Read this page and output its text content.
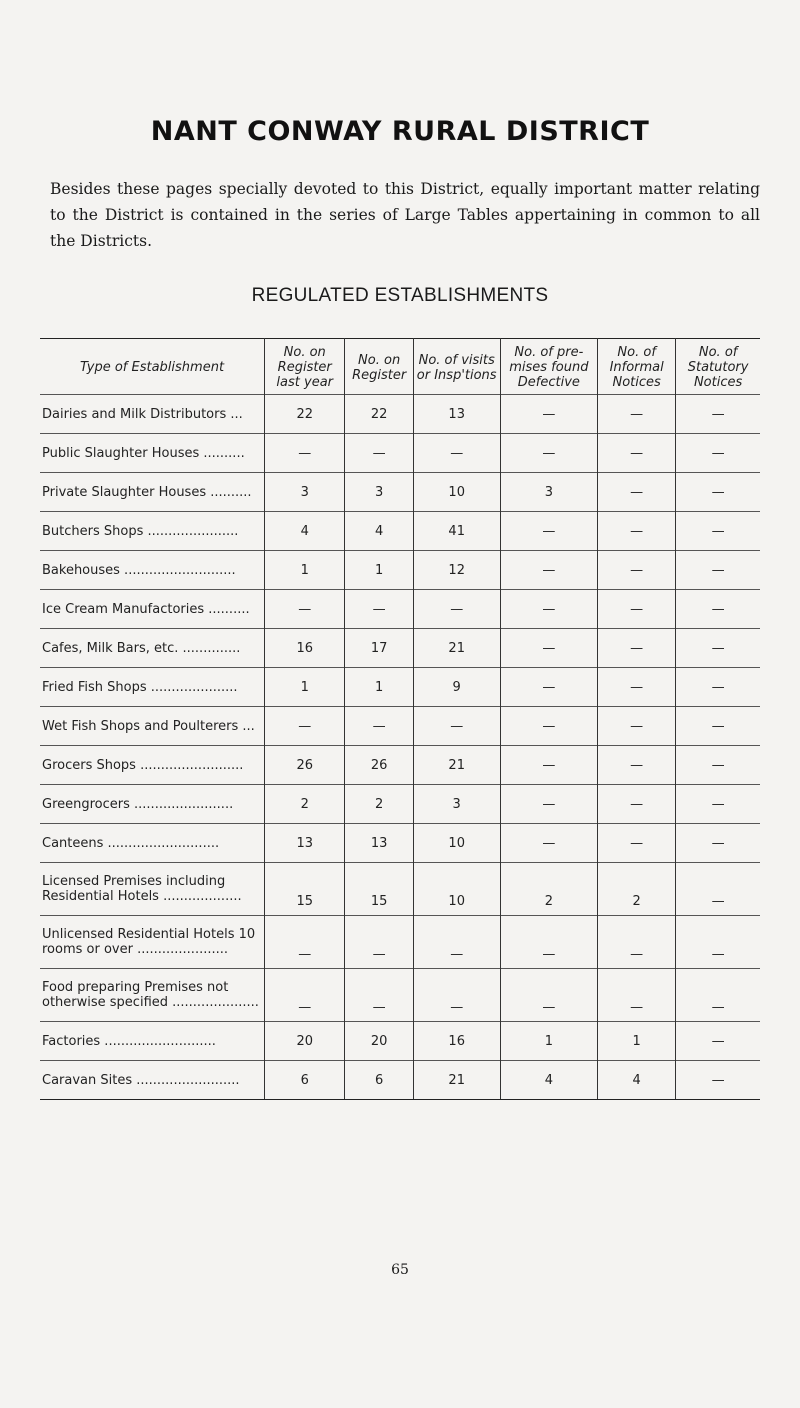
NANT CONWAY RURAL DISTRICT
Besides these pages specially devoted to this District, equally important matter relating to the District is contained in the series of Large Tables appertaining in common to all the Districts.
REGULATED ESTABLISHMENTS
Type of Establishment	No. on Register last year	No. on Register	No. of visits or Insp'tions	No. of pre-mises found Defective	No. of Informal Notices	No. of Statutory Notices
Dairies and Milk Distributors ...	22	22	13	—	—	—
Public Slaughter Houses ..........	—	—	—	—	—	—
Private Slaughter Houses ..........	3	3	10	3	—	—
Butchers Shops ......................	4	4	41	—	—	—
Bakehouses ...........................	1	1	12	—	—	—
Ice Cream Manufactories ..........	—	—	—	—	—	—
Cafes, Milk Bars, etc. ..............	16	17	21	—	—	—
Fried Fish Shops .....................	1	1	9	—	—	—
Wet Fish Shops and Poulterers ...	—	—	—	—	—	—
Grocers Shops .........................	26	26	21	—	—	—
Greengrocers ........................	2	2	3	—	—	—
Canteens ...........................	13	13	10	—	—	—
Licensed Premises including Residential Hotels ...................	15	15	10	2	2	—
Unlicensed Residential Hotels 10 rooms or over ......................	—	—	—	—	—	—
Food preparing Premises not otherwise specified .....................	—	—	—	—	—	—
Factories ...........................	20	20	16	1	1	—
Caravan Sites .........................	6	6	21	4	4	—
65
